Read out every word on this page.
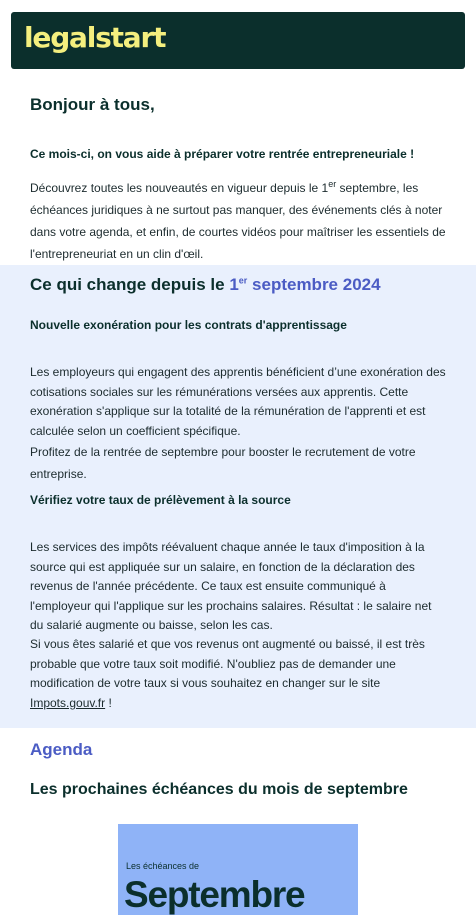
legalstart
Bonjour à tous,

Ce mois-ci, on vous aide à préparer votre rentrée entrepreneuriale !

Découvrez toutes les nouveautés en vigueur depuis le 1er septembre, les échéances juridiques à ne surtout pas manquer, des événements clés à noter dans votre agenda, et enfin, de courtes vidéos pour maîtriser les essentiels de l'entrepreneuriat en un clin d'œil.

Ce qui change depuis le 1er septembre 2024

Nouvelle exonération pour les contrats d'apprentissage

Les employeurs qui engagent des apprentis bénéficient d’une exonération des cotisations sociales sur les rémunérations versées aux apprentis. Cette exonération s'applique sur la totalité de la rémunération de l'apprenti et est calculée selon un coefficient spécifique.

Profitez de la rentrée de septembre pour booster le recrutement de votre entreprise.

Vérifiez votre taux de prélèvement à la source

Les services des impôts réévaluent chaque année le taux d'imposition à la source qui est appliquée sur un salaire, en fonction de la déclaration des revenus de l'année précédente. Ce taux est ensuite communiqué à l'employeur qui l'applique sur les prochains salaires. Résultat : le salaire net du salarié augmente ou baisse, selon les cas.

Si vous êtes salarié et que vos revenus ont augmenté ou baissé, il est très probable que votre taux soit modifié. N'oubliez pas de demander une modification de votre taux si vous souhaitez en changer sur le site Impots.gouv.fr !

Agenda
Les prochaines échéances du mois de septembre
Les échéances de
Septembre
